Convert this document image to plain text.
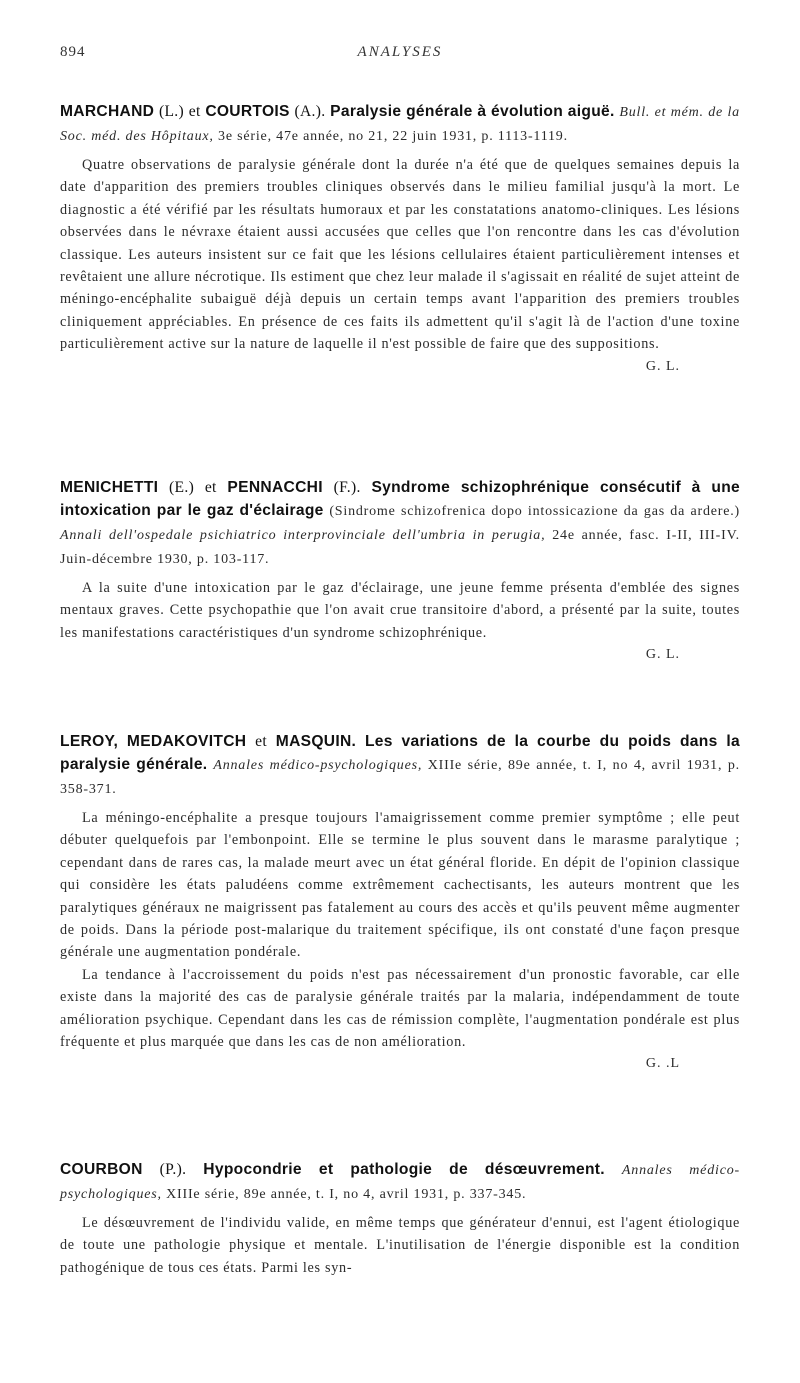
894	ANALYSES

MARCHAND (L.) et COURTOIS (A.). Paralysie générale à évolution aiguë. Bull. et mém. de la Soc. méd. des Hôpitaux, 3e série, 47e année, no 21, 22 juin 1931, p. 1113-1119.

Quatre observations de paralysie générale dont la durée n'a été que de quelques semaines depuis la date d'apparition des premiers troubles cliniques observés dans le milieu familial jusqu'à la mort. Le diagnostic a été vérifié par les résultats humoraux et par les constatations anatomo-cliniques. Les lésions observées dans le névraxe étaient aussi accusées que celles que l'on rencontre dans les cas d'évolution classique. Les auteurs insistent sur ce fait que les lésions cellulaires étaient particulièrement intenses et revêtaient une allure nécrotique. Ils estiment que chez leur malade il s'agissait en réalité de sujet atteint de méningo-encéphalite subaiguë déjà depuis un certain temps avant l'apparition des premiers troubles cliniquement appréciables. En présence de ces faits ils admettent qu'il s'agit là de l'action d'une toxine particulièrement active sur la nature de laquelle il n'est possible de faire que des suppositions.

G. L.

MENICHETTI (E.) et PENNACCHI (F.). Syndrome schizophrénique consécutif à une intoxication par le gaz d'éclairage (Sindrome schizofrenica dopo intossicazione da gas da ardere.) Annali dell'ospedale psichiatrico interprovinciale dell'umbria in perugia, 24e année, fasc. I-II, III-IV. Juin-décembre 1930, p. 103-117.

A la suite d'une intoxication par le gaz d'éclairage, une jeune femme présenta d'emblée des signes mentaux graves. Cette psychopathie que l'on avait crue transitoire d'abord, a présenté par la suite, toutes les manifestations caractéristiques d'un syndrome schizophrénique.

G. L.

LEROY, MEDAKOVITCH et MASQUIN. Les variations de la courbe du poids dans la paralysie générale. Annales médico-psychologiques, XIIIe série, 89e année, t. I, no 4, avril 1931, p. 358-371.

La méningo-encéphalite a presque toujours l'amaigrissement comme premier symptôme ; elle peut débuter quelquefois par l'embonpoint. Elle se termine le plus souvent dans le marasme paralytique ; cependant dans de rares cas, la malade meurt avec un état général floride. En dépit de l'opinion classique qui considère les états paludéens comme extrêmement cachectisants, les auteurs montrent que les paralytiques généraux ne maigrissent pas fatalement au cours des accès et qu'ils peuvent même augmenter de poids. Dans la période post-malarique du traitement spécifique, ils ont constaté d'une façon presque générale une augmentation pondérale.

La tendance à l'accroissement du poids n'est pas nécessairement d'un pronostic favorable, car elle existe dans la majorité des cas de paralysie générale traités par la malaria, indépendamment de toute amélioration psychique. Cependant dans les cas de rémission complète, l'augmentation pondérale est plus fréquente et plus marquée que dans les cas de non amélioration.

G. .L

COURBON (P.). Hypocondrie et pathologie de désœuvrement. Annales médico-psychologiques, XIIIe série, 89e année, t. I, no 4, avril 1931, p. 337-345.

Le désœuvrement de l'individu valide, en même temps que générateur d'ennui, est l'agent étiologique de toute une pathologie physique et mentale. L'inutilisation de l'énergie disponible est la condition pathogénique de tous ces états. Parmi les syn-
